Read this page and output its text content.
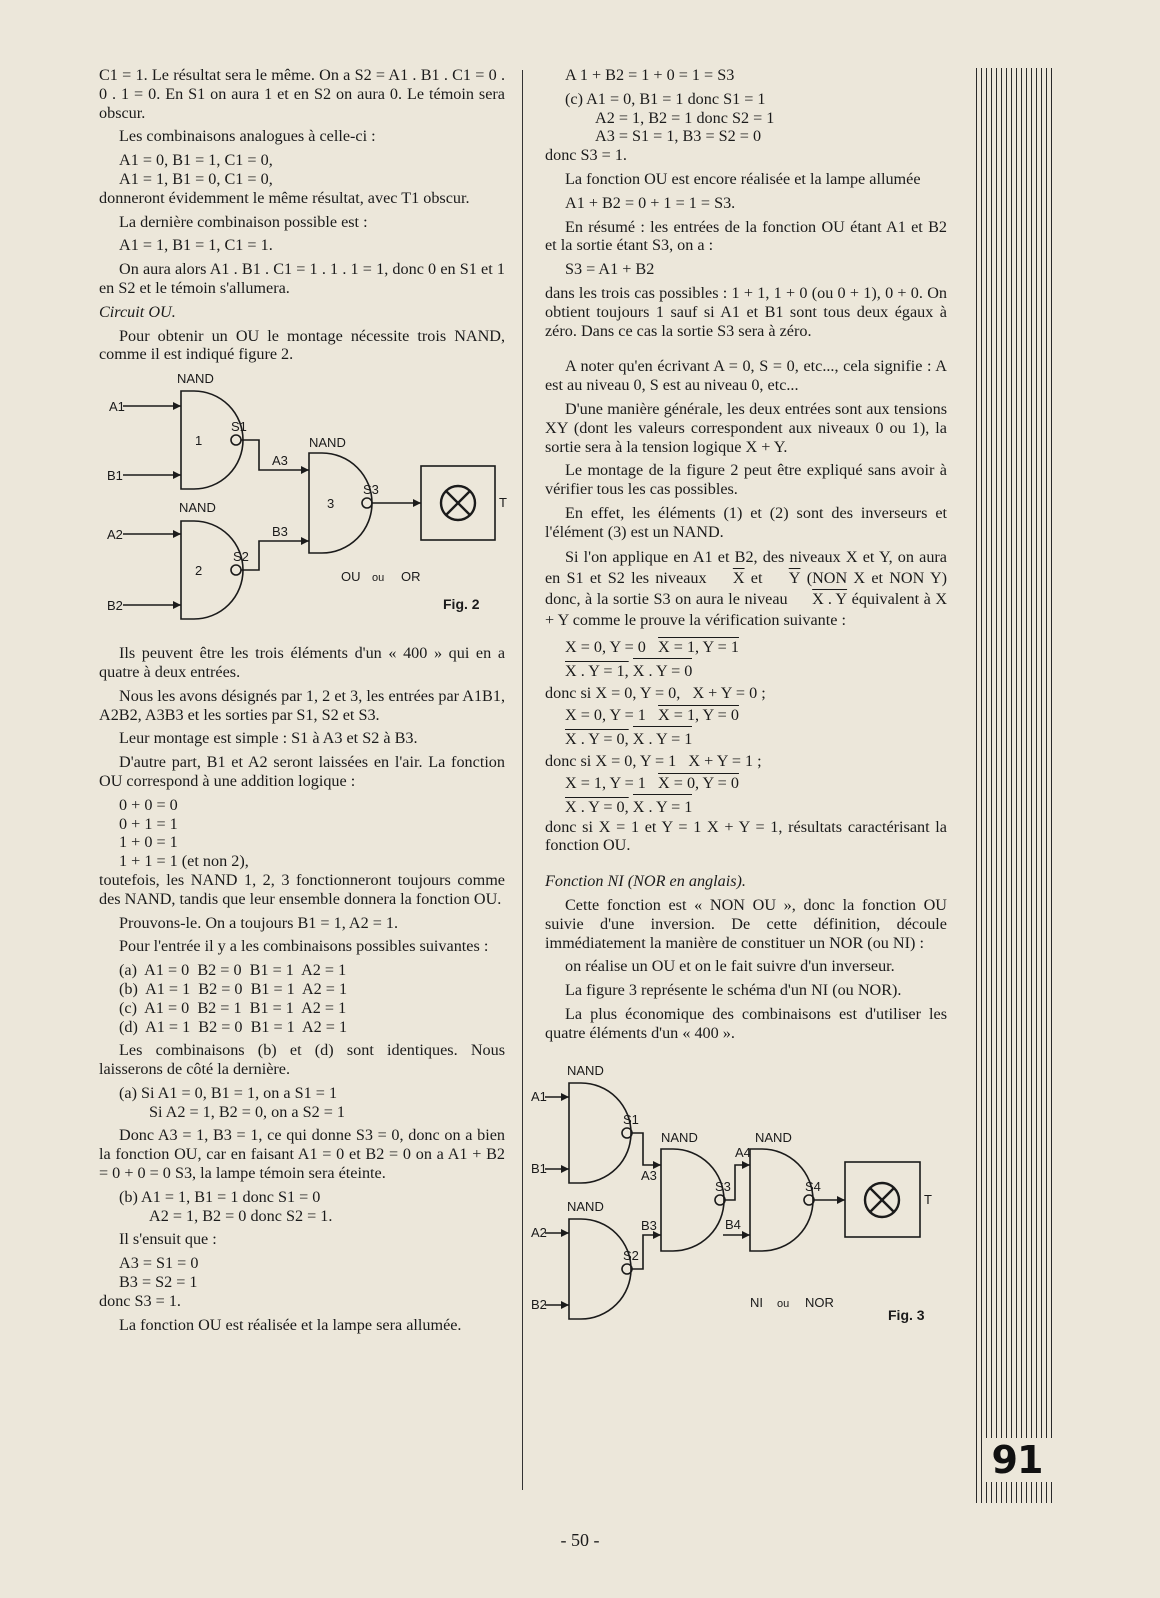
91

C1 = 1. Le résultat sera le même. On a S2 = A1 . B1 . C1 = 0 . 0 . 1 = 0. En S1 on aura 1 et en S2 on aura 0. Le témoin sera obscur.

Les combinaisons analogues à celle-ci :

A1 = 0, B1 = 1, C1 = 0,

A1 = 1, B1 = 0, C1 = 0,

donneront évidemment le même résultat, avec T1 obscur.

La dernière combinaison possible est :

A1 = 1, B1 = 1, C1 = 1.

On aura alors A1 . B1 . C1 = 1 . 1 . 1 = 1, donc 0 en S1 et 1 en S2 et le témoin s'allumera.

Circuit OU.

Pour obtenir un OU le montage nécessite trois NAND, comme il est indiqué figure 2.

NAND
NAND
NAND
A1
B1
A2
B2
S1
S2
S3
A3
B3
1
2
3	T
OU ou OR
Fig. 2

Ils peuvent être les trois éléments d'un « 400 » qui en a quatre à deux entrées.

Nous les avons désignés par 1, 2 et 3, les entrées par A1B1, A2B2, A3B3 et les sorties par S1, S2 et S3.

Leur montage est simple : S1 à A3 et S2 à B3.

D'autre part, B1 et A2 seront laissées en l'air. La fonction OU correspond à une addition logique :

0 + 0 = 0

0 + 1 = 1

1 + 0 = 1

1 + 1 = 1 (et non 2),

toutefois, les NAND 1, 2, 3 fonctionneront toujours comme des NAND, tandis que leur ensemble donnera la fonction OU.

Prouvons-le. On a toujours B1 = 1, A2 = 1.

Pour l'entrée il y a les combinaisons possibles suivantes :

(a)  A1 = 0  B2 = 0  B1 = 1  A2 = 1

(b)  A1 = 1  B2 = 0  B1 = 1  A2 = 1

(c)  A1 = 0  B2 = 1  B1 = 1  A2 = 1

(d)  A1 = 1  B2 = 0  B1 = 1  A2 = 1

Les combinaisons (b) et (d) sont identiques. Nous laisserons de côté la dernière.

(a) Si A1 = 0, B1 = 1, on a S1 = 1

Si A2 = 1, B2 = 0, on a S2 = 1

Donc A3 = 1, B3 = 1, ce qui donne S3 = 0, donc on a bien la fonction OU, car en faisant A1 = 0 et B2 = 0 on a A1 + B2 = 0 + 0 = 0 S3, la lampe témoin sera éteinte.

(b) A1 = 1, B1 = 1 donc S1 = 0

A2 = 1, B2 = 0 donc S2 = 1.

Il s'ensuit que :

A3 = S1 = 0

B3 = S2 = 1

donc S3 = 1.

La fonction OU est réalisée et la lampe sera allumée.

A 1 + B2 = 1 + 0 = 1 = S3

(c) A1 = 0, B1 = 1 donc S1 = 1

A2 = 1, B2 = 1 donc S2 = 1

A3 = S1 = 1, B3 = S2 = 0

donc S3 = 1.

La fonction OU est encore réalisée et la lampe allumée

A1 + B2 = 0 + 1 = 1 = S3.

En résumé : les entrées de la fonction OU étant A1 et B2 et la sortie étant S3, on a :

S3 = A1 + B2

dans les trois cas possibles : 1 + 1, 1 + 0 (ou 0 + 1), 0 + 0. On obtient toujours 1 sauf si A1 et B1 sont tous deux égaux à zéro. Dans ce cas la sortie S3 sera à zéro.

A noter qu'en écrivant A = 0, S = 0, etc..., cela signifie : A est au niveau 0, S est au niveau 0, etc...

D'une manière générale, les deux entrées sont aux tensions XY (dont les valeurs correspondent aux niveaux 0 ou 1), la sortie sera à la tension logique X + Y.

Le montage de la figure 2 peut être expliqué sans avoir à vérifier tous les cas possibles.

En effet, les éléments (1) et (2) sont des inverseurs et l'élément (3) est un NAND.

Si l'on applique en A1 et B2, des niveaux X et Y, on aura en S1 et S2 les niveaux $\overline{X}$ et $\overline{Y}$ (NON X et NON Y) donc, à la sortie S3 on aura le niveau X . Y équivalent à X + Y comme le prouve la vérification suivante :

X = 0, Y = 0 X = 1, Y = 1

X . Y = 1, X . Y = 0

donc si X = 0, Y = 0,   X + Y = 0 ;

X = 0, Y = 1 X = 1, Y = 0

X . Y = 0, X . Y = 1

donc si X = 0, Y = 1   X + Y = 1 ;

X = 1, Y = 1 X = 0, Y = 0

X . Y = 0, X . Y = 1

donc si X = 1 et Y = 1 X + Y = 1, résultats caractérisant la fonction OU.

Fonction NI (NOR en anglais).

Cette fonction est « NON OU », donc la fonction OU suivie d'une inversion. De cette définition, découle immédiatement la manière de constituer un NOR (ou NI) :

on réalise un OU et on le fait suivre d'un inverseur.

La figure 3 représente le schéma d'un NI (ou NOR).

La plus économique des combinaisons est d'utiliser les quatre éléments d'un « 400 ».

NAND
NAND
NAND	NAND
A1
B1
A2
B2
S1
S2
S3	S4
A3
B3
A4
B4
T
NI ou NOR
Fig. 3
- 50 -
